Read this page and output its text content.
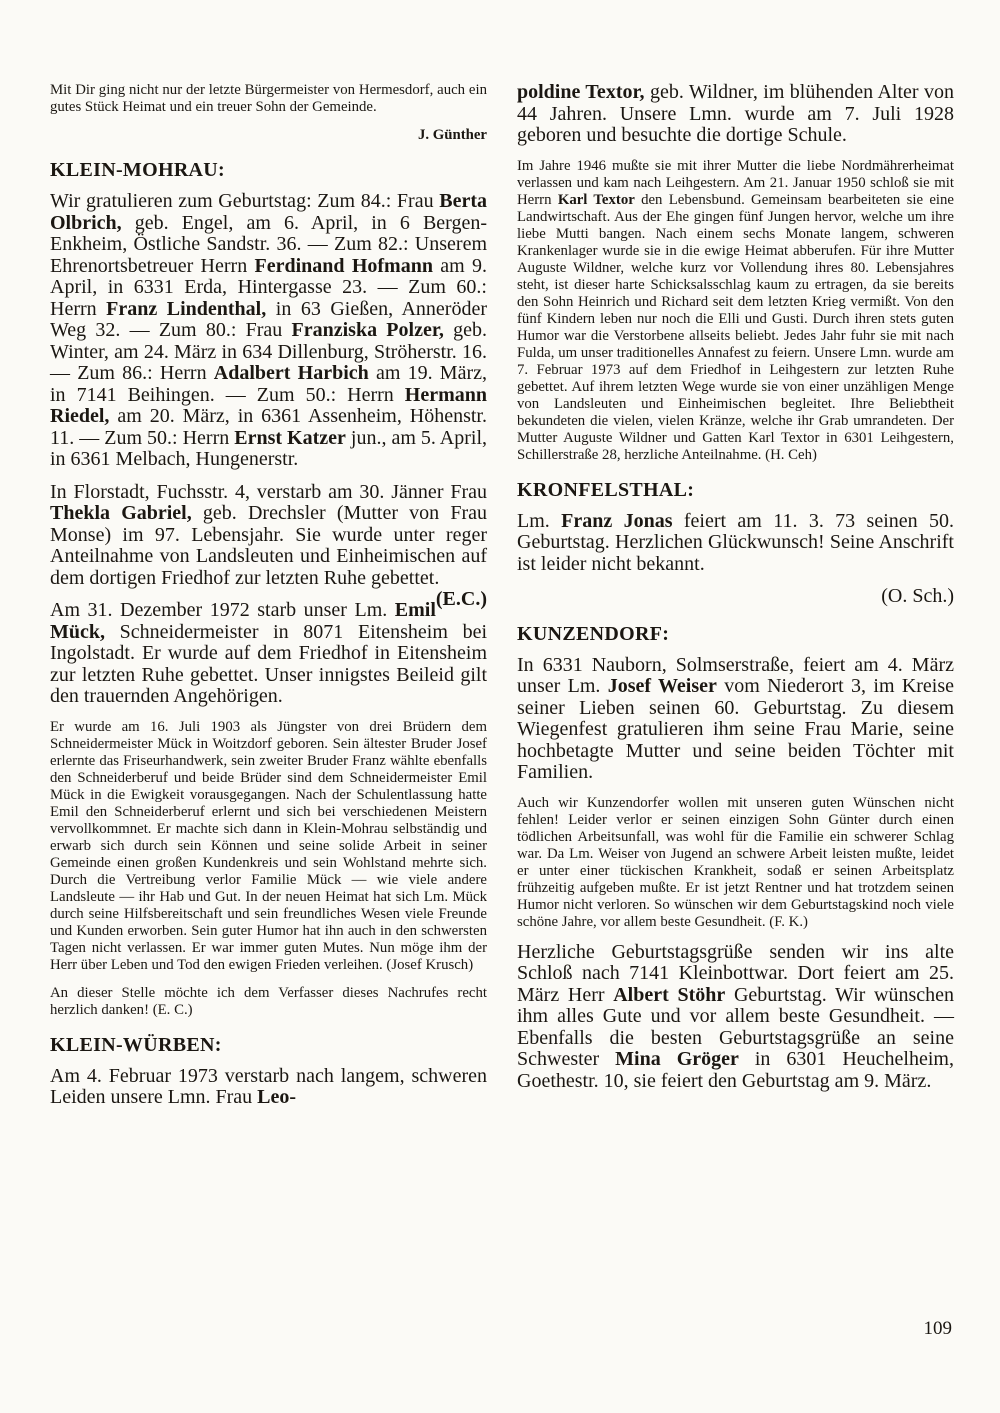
Mit Dir ging nicht nur der letzte Bürgermeister von Hermesdorf, auch ein gutes Stück Heimat und ein treuer Sohn der Gemeinde.

J. Günther

KLEIN-MOHRAU:

Wir gratulieren zum Geburtstag: Zum 84.: Frau Berta Olbrich, geb. Engel, am 6. April, in 6 Bergen-Enkheim, Östliche Sandstr. 36. — Zum 82.: Unserem Ehrenortsbetreuer Herrn Ferdinand Hofmann am 9. April, in 6331 Erda, Hintergasse 23. — Zum 60.: Herrn Franz Lindenthal, in 63 Gießen, Anneröder Weg 32. — Zum 80.: Frau Franziska Polzer, geb. Winter, am 24. März in 634 Dillenburg, Ströherstr. 16. — Zum 86.: Herrn Adalbert Harbich am 19. März, in 7141 Beihingen. — Zum 50.: Herrn Hermann Riedel, am 20. März, in 6361 Assenheim, Höhenstr. 11. — Zum 50.: Herrn Ernst Katzer jun., am 5. April, in 6361 Melbach, Hungenerstr.

In Florstadt, Fuchsstr. 4, verstarb am 30. Jänner Frau Thekla Gabriel, geb. Drechsler (Mutter von Frau Monse) im 97. Lebensjahr. Sie wurde unter reger Anteilnahme von Landsleuten und Einheimischen auf dem dortigen Friedhof zur letzten Ruhe gebettet.
(E.C.)

Am 31. Dezember 1972 starb unser Lm. Emil Mück, Schneidermeister in 8071 Eitensheim bei Ingolstadt. Er wurde auf dem Friedhof in Eitensheim zur letzten Ruhe gebettet. Unser innigstes Beileid gilt den trauernden Angehörigen.

Er wurde am 16. Juli 1903 als Jüngster von drei Brüdern dem Schneidermeister Mück in Woitzdorf geboren. Sein ältester Bruder Josef erlernte das Friseurhandwerk, sein zweiter Bruder Franz wählte ebenfalls den Schneiderberuf und beide Brüder sind dem Schneidermeister Emil Mück in die Ewigkeit vorausgegangen. Nach der Schulentlassung hatte Emil den Schneiderberuf erlernt und sich bei verschiedenen Meistern vervollkommnet. Er machte sich dann in Klein-Mohrau selbständig und erwarb sich durch sein Können und seine solide Arbeit in seiner Gemeinde einen großen Kundenkreis und sein Wohlstand mehrte sich. Durch die Vertreibung verlor Familie Mück — wie viele andere Landsleute — ihr Hab und Gut. In der neuen Heimat hat sich Lm. Mück durch seine Hilfsbereitschaft und sein freundliches Wesen viele Freunde und Kunden erworben. Sein guter Humor hat ihn auch in den schwersten Tagen nicht verlassen. Er war immer guten Mutes. Nun möge ihm der Herr über Leben und Tod den ewigen Frieden verleihen. (Josef Krusch)

An dieser Stelle möchte ich dem Verfasser dieses Nachrufes recht herzlich danken! (E. C.)

KLEIN-WÜRBEN:

Am 4. Februar 1973 verstarb nach langem, schweren Leiden unsere Lmn. Frau Leo-

poldine Textor, geb. Wildner, im blühenden Alter von 44 Jahren. Unsere Lmn. wurde am 7. Juli 1928 geboren und besuchte die dortige Schule.

Im Jahre 1946 mußte sie mit ihrer Mutter die liebe Nordmährerheimat verlassen und kam nach Leihgestern. Am 21. Januar 1950 schloß sie mit Herrn Karl Textor den Lebensbund. Gemeinsam bearbeiteten sie eine Landwirtschaft. Aus der Ehe gingen fünf Jungen hervor, welche um ihre liebe Mutti bangen. Nach einem sechs Monate langem, schweren Krankenlager wurde sie in die ewige Heimat abberufen. Für ihre Mutter Auguste Wildner, welche kurz vor Vollendung ihres 80. Lebensjahres steht, ist dieser harte Schicksalsschlag kaum zu ertragen, da sie bereits den Sohn Heinrich und Richard seit dem letzten Krieg vermißt. Von den fünf Kindern leben nur noch die Elli und Gusti. Durch ihren stets guten Humor war die Verstorbene allseits beliebt. Jedes Jahr fuhr sie mit nach Fulda, um unser traditionelles Annafest zu feiern. Unsere Lmn. wurde am 7. Februar 1973 auf dem Friedhof in Leihgestern zur letzten Ruhe gebettet. Auf ihrem letzten Wege wurde sie von einer unzähligen Menge von Landsleuten und Einheimischen begleitet. Ihre Beliebtheit bekundeten die vielen, vielen Kränze, welche ihr Grab umrandeten. Der Mutter Auguste Wildner und Gatten Karl Textor in 6301 Leihgestern, Schillerstraße 28, herzliche Anteilnahme. (H. Ceh)

KRONFELSTHAL:

Lm. Franz Jonas feiert am 11. 3. 73 seinen 50. Geburtstag. Herzlichen Glückwunsch! Seine Anschrift ist leider nicht bekannt.

(O. Sch.)

KUNZENDORF:

In 6331 Nauborn, Solmserstraße, feiert am 4. März unser Lm. Josef Weiser vom Niederort 3, im Kreise seiner Lieben seinen 60. Geburtstag. Zu diesem Wiegenfest gratulieren ihm seine Frau Marie, seine hochbetagte Mutter und seine beiden Töchter mit Familien.

Auch wir Kunzendorfer wollen mit unseren guten Wünschen nicht fehlen! Leider verlor er seinen einzigen Sohn Günter durch einen tödlichen Arbeitsunfall, was wohl für die Familie ein schwerer Schlag war. Da Lm. Weiser von Jugend an schwere Arbeit leisten mußte, leidet er unter einer tückischen Krankheit, sodaß er seinen Arbeitsplatz frühzeitig aufgeben mußte. Er ist jetzt Rentner und hat trotzdem seinen Humor nicht verloren. So wünschen wir dem Geburtstagskind noch viele schöne Jahre, vor allem beste Gesundheit. (F. K.)

Herzliche Geburtstagsgrüße senden wir ins alte Schloß nach 7141 Kleinbottwar. Dort feiert am 25. März Herr Albert Stöhr Geburtstag. Wir wünschen ihm alles Gute und vor allem beste Gesundheit. — Ebenfalls die besten Geburtstagsgrüße an seine Schwester Mina Gröger in 6301 Heuchelheim, Goethestr. 10, sie feiert den Geburtstag am 9. März.

109
